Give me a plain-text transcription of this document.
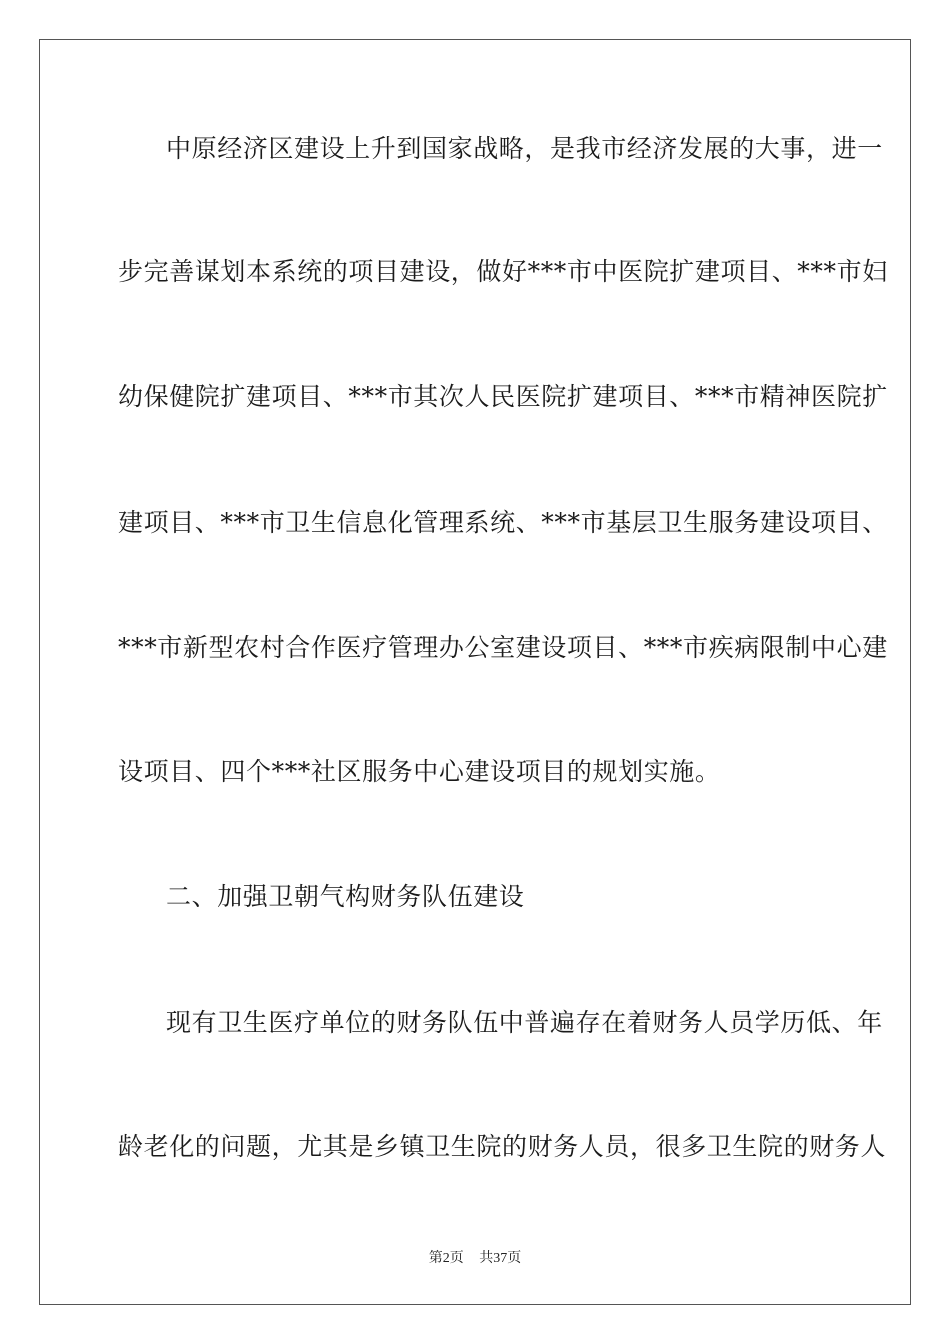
中原经济区建设上升到国家战略，是我市经济发展的大事，进一
步完善谋划本系统的项目建设，做好***市中医院扩建项目、***市妇
幼保健院扩建项目、***市其次人民医院扩建项目、***市精神医院扩
建项目、***市卫生信息化管理系统、***市基层卫生服务建设项目、
***市新型农村合作医疗管理办公室建设项目、***市疾病限制中心建
设项目、四个***社区服务中心建设项目的规划实施。
二、加强卫朝气构财务队伍建设
现有卫生医疗单位的财务队伍中普遍存在着财务人员学历低、年
龄老化的问题，尤其是乡镇卫生院的财务人员，很多卫生院的财务人
第2页 共37页
